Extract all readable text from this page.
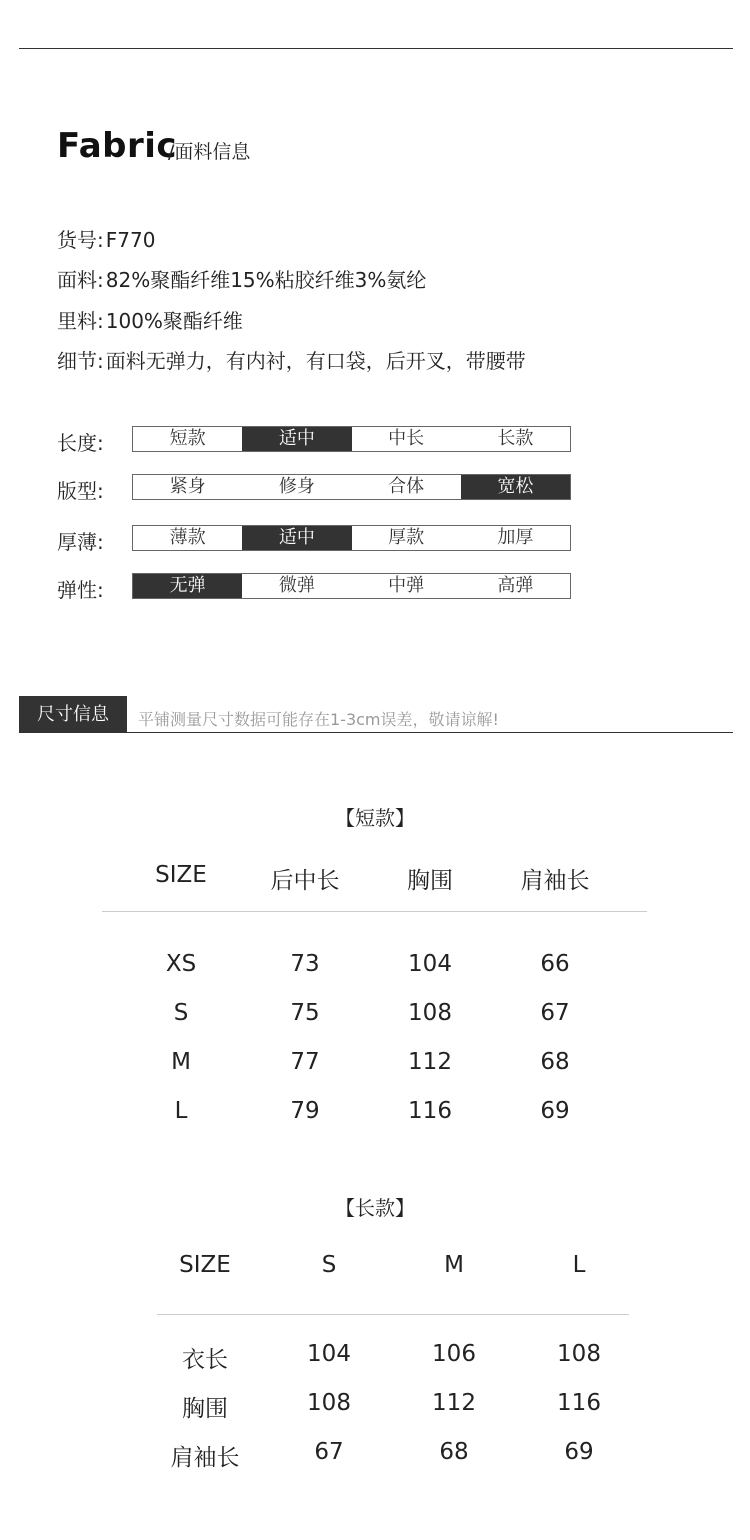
Fabric
/面料信息
货号: F770
面料: 82%聚酯纤维15%粘胶纤维3%氨纶
里料: 100%聚酯纤维
细节: 面料无弹力，有内衬，有口袋，后开叉，带腰带
长度:	短款	适中	中长	长款
版型:	紧身	修身	合体	宽松
厚薄:	薄款	适中	厚款	加厚
弹性:	无弹	微弹	中弹	高弹
尺寸信息	平铺测量尺寸数据可能存在1-3cm误差，敬请谅解!
【短款】
SIZE	后中长	胸围	肩袖长
XS	73	104	66
S	75	108	67
M	77	112	68
L	79	116	69
【长款】
SIZE	S	M	L
衣长	104	106	108
胸围	108	112	116
肩袖长	67	68	69
